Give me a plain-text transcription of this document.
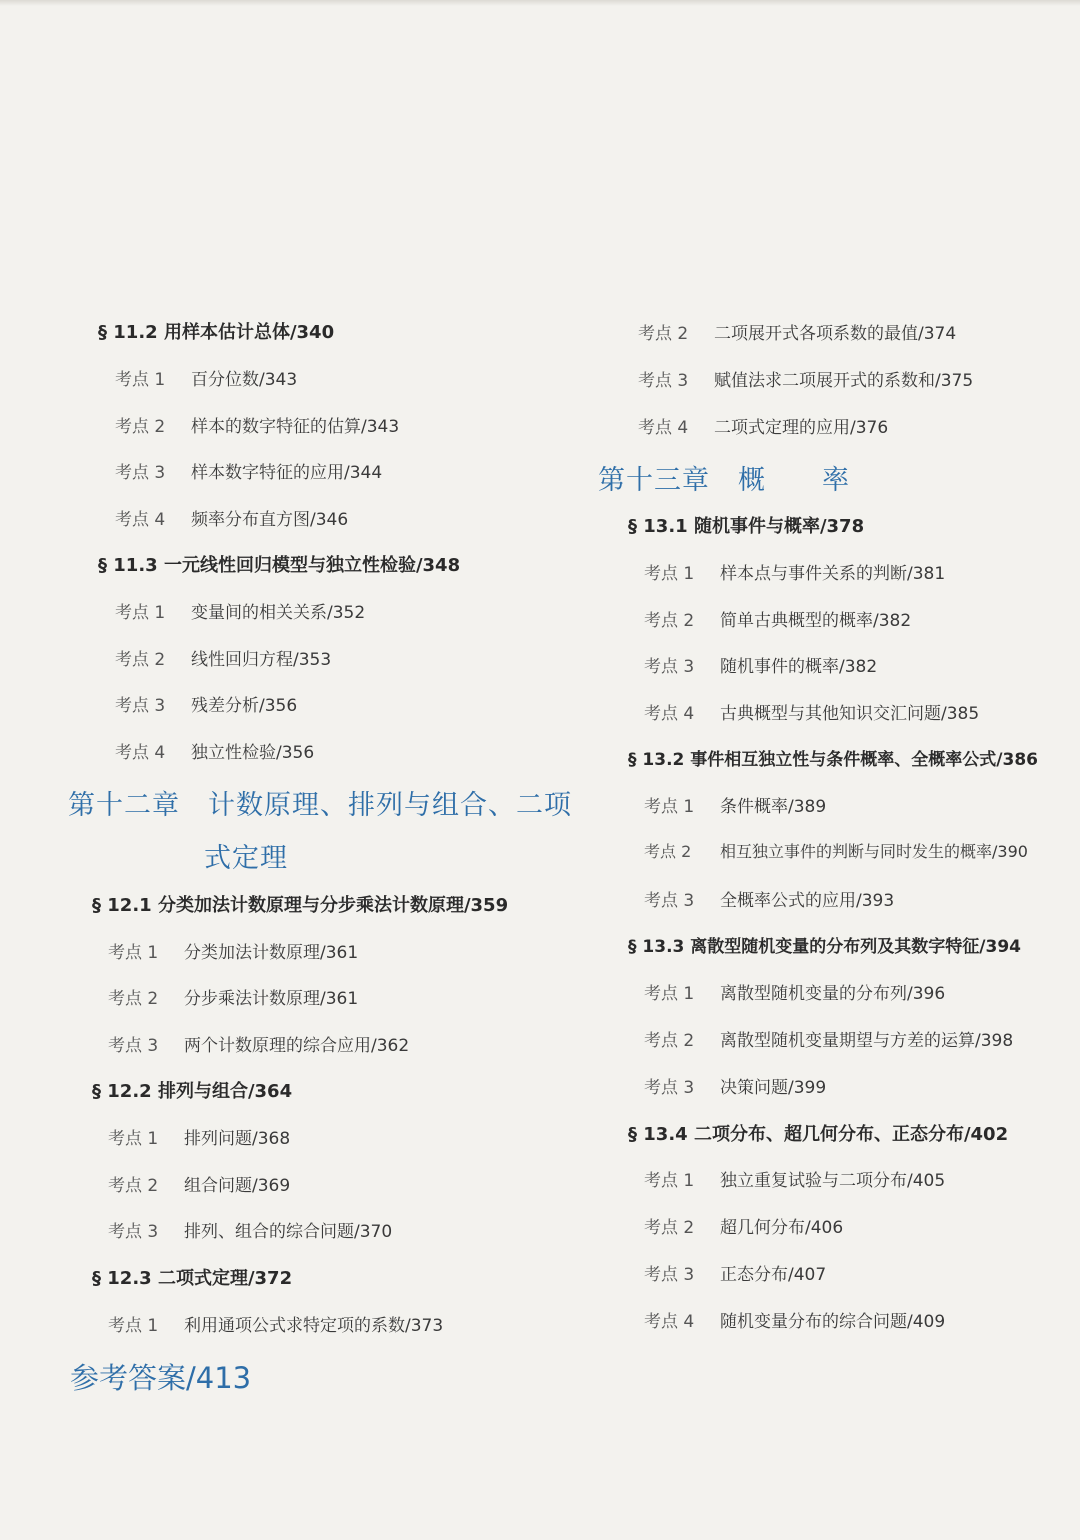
§ 11.2 用样本估计总体/340
考点 1 百分位数/343
考点 2 样本的数字特征的估算/343
考点 3 样本数字特征的应用/344
考点 4 频率分布直方图/346
§ 11.3 一元线性回归模型与独立性检验/348
考点 1 变量间的相关关系/352
考点 2 线性回归方程/353
考点 3 残差分析/356
考点 4 独立性检验/356
第十二章 计数原理、排列与组合、二项
式定理
§ 12.1 分类加法计数原理与分步乘法计数原理/359
考点 1 分类加法计数原理/361
考点 2 分步乘法计数原理/361
考点 3 两个计数原理的综合应用/362
§ 12.2 排列与组合/364
考点 1 排列问题/368
考点 2 组合问题/369
考点 3 排列、组合的综合问题/370
§ 12.3 二项式定理/372
考点 1 利用通项公式求特定项的系数/373
参考答案/413
考点 2 二项展开式各项系数的最值/374
考点 3 赋值法求二项展开式的系数和/375
考点 4 二项式定理的应用/376
第十三章 概　　率
§ 13.1 随机事件与概率/378
考点 1 样本点与事件关系的判断/381
考点 2 简单古典概型的概率/382
考点 3 随机事件的概率/382
考点 4 古典概型与其他知识交汇问题/385
§ 13.2 事件相互独立性与条件概率、全概率公式/386
考点 1 条件概率/389
考点 2 相互独立事件的判断与同时发生的概率/390
考点 3 全概率公式的应用/393
§ 13.3 离散型随机变量的分布列及其数字特征/394
考点 1 离散型随机变量的分布列/396
考点 2 离散型随机变量期望与方差的运算/398
考点 3 决策问题/399
§ 13.4 二项分布、超几何分布、正态分布/402
考点 1 独立重复试验与二项分布/405
考点 2 超几何分布/406
考点 3 正态分布/407
考点 4 随机变量分布的综合问题/409
